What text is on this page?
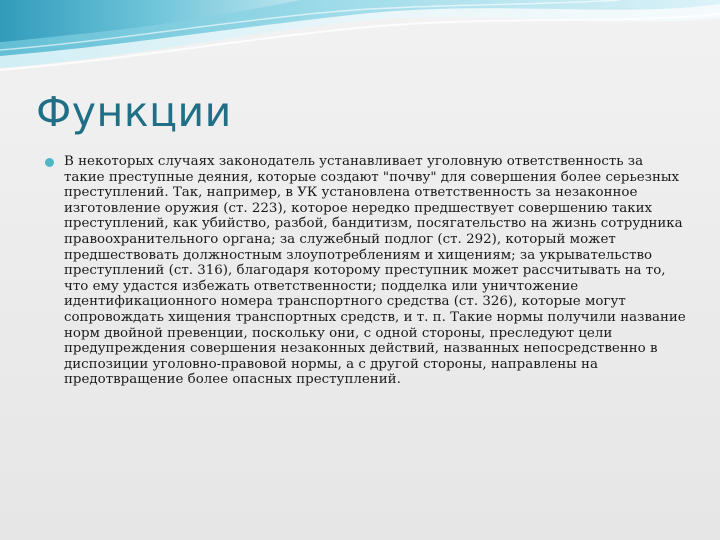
Функции

В некоторых случаях законодатель устанавливает уголовную ответственность за такие преступные деяния, которые создают "почву" для совершения более серьезных преступлений. Так, например, в УК установлена ответственность за незаконное изготовление оружия (ст. 223), которое нередко предшествует совершению таких преступлений, как убийство, разбой, бандитизм, посягательство на жизнь сотрудника правоохранительного органа; за служебный подлог (ст. 292), который может предшествовать должностным злоупотреблениям и хищениям; за укрывательство преступлений (ст. 316), благодаря которому преступник может рассчитывать на то, что ему удастся избежать ответственности; подделка или уничтожение идентификационного номера транспортного средства (ст. 326), которые могут сопровождать хищения транспортных средств, и т. п. Такие нормы получили название норм двойной превенции, поскольку они, с одной стороны, преследуют цели предупреждения совершения незаконных действий, названных непосредственно в диспозиции уголовно-правовой нормы, а с другой стороны, направлены на предотвращение более опасных преступлений.
